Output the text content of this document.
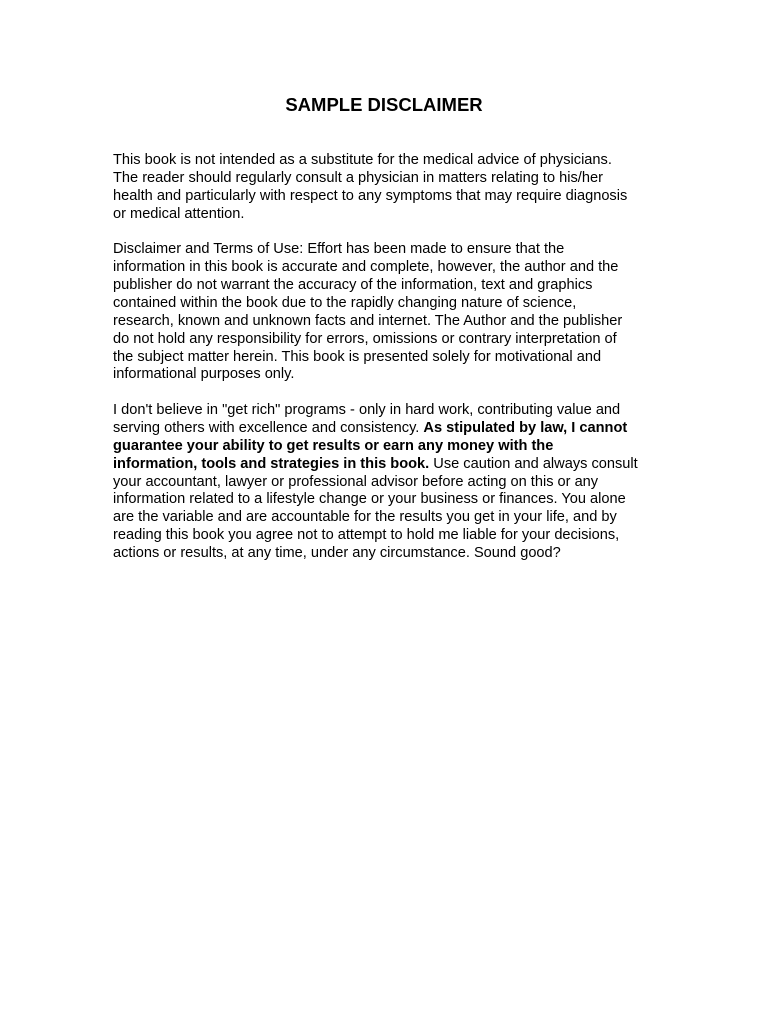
SAMPLE DISCLAIMER

This book is not intended as a substitute for the medical advice of physicians.
The reader should regularly consult a physician in matters relating to his/her
health and particularly with respect to any symptoms that may require diagnosis
or medical attention.

Disclaimer and Terms of Use: Effort has been made to ensure that the
information in this book is accurate and complete, however, the author and the
publisher do not warrant the accuracy of the information, text and graphics
contained within the book due to the rapidly changing nature of science,
research, known and unknown facts and internet. The Author and the publisher
do not hold any responsibility for errors, omissions or contrary interpretation of
the subject matter herein. This book is presented solely for motivational and
informational purposes only.

I don't believe in "get rich" programs - only in hard work, contributing value and
serving others with excellence and consistency. As stipulated by law, I cannot
guarantee your ability to get results or earn any money with the
information, tools and strategies in this book. Use caution and always consult
your accountant, lawyer or professional advisor before acting on this or any
information related to a lifestyle change or your business or finances. You alone
are the variable and are accountable for the results you get in your life, and by
reading this book you agree not to attempt to hold me liable for your decisions,
actions or results, at any time, under any circumstance. Sound good?
